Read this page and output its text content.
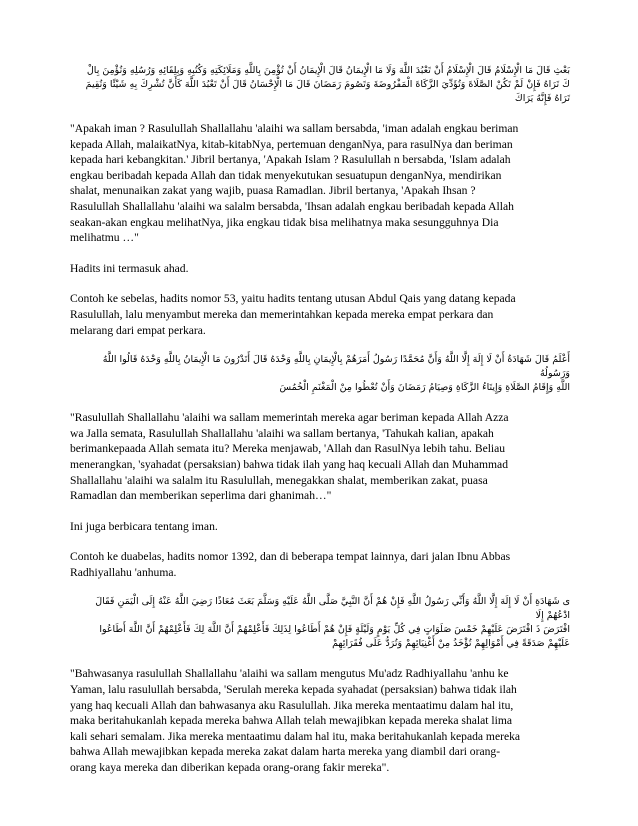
بَعْثِ قَالَ مَا الْإِسْلَامُ قَالَ الْإِسْلَامُ أَنْ تَعْبُدَ اللَّهَ وَلَا مَا الْإِيمَانُ قَالَ الْإِيمَانُ أَنْ تُؤْمِنَ بِاللَّهِ وَمَلَائِكَتِهِ وَكُتُبِهِ وَبِلِقَائِهِ وَرُسُلِهِ وَتُؤْمِنَ بِالْ

كَ تَرَاهُ فَإِنْ لَمْ تَكُنْ الصَّلَاةَ وَتُؤَدِّيَ الزَّكَاةَ الْمَفْرُوضَةَ وَتَصُومَ رَمَضَانَ قَالَ مَا الْإِحْسَانُ قَالَ أَنْ تَعْبُدَ اللَّهَ كَأَنَّ تُشْرِكَ بِهِ شَيْئًا وَتُقِيمَ

تَرَاهُ فَإِنَّهُ يَرَاكَ

"Apakah iman ? Rasulullah Shallallahu 'alaihi wa sallam bersabda, 'iman adalah engkau beriman

kepada Allah, malaikatNya, kitab-kitabNya, pertemuan denganNya, para rasulNya dan beriman

kepada hari kebangkitan.' Jibril bertanya, 'Apakah Islam ? Rasulullah n bersabda, 'Islam adalah

engkau beribadah kepada Allah dan tidak menyekutukan sesuatupun denganNya, mendirikan

shalat, menunaikan zakat yang wajib, puasa Ramadlan. Jibril bertanya, 'Apakah Ihsan ?

Rasulullah Shallallahu 'alaihi wa salalm bersabda, 'Ihsan adalah engkau beribadah kepada Allah

seakan-akan engkau melihatNya, jika engkau tidak bisa melihatnya maka sesungguhnya Dia

melihatmu …"

Hadits ini termasuk ahad.

Contoh ke sebelas, hadits nomor 53, yaitu hadits tentang utusan Abdul Qais yang datang kepada

Rasulullah, lalu menyambut mereka dan memerintahkan kepada mereka empat perkara dan

melarang dari empat perkara.

أَعْلَمُ قَالَ شَهَادَةُ أَنْ لَا إِلَهَ إِلَّا اللَّهُ وَأَنَّ مُحَمَّدًا رَسُولُ أَمَرَهُمْ بِالْإِيمَانِ بِاللَّهِ وَحْدَهُ قَالَ أَتَدْرُونَ مَا الْإِيمَانُ بِاللَّهِ وَحْدَهُ قَالُوا اللَّهُ وَرَسُولُهُ

اللَّهِ وَإِقَامُ الصَّلَاةِ وَإِيتَاءُ الزَّكَاةِ وَصِيَامُ رَمَضَانَ وَأَنْ تُعْطُوا مِنْ الْمَغْنَمِ الْخُمُسَ

"Rasulullah Shallallahu 'alaihi wa sallam memerintah mereka agar beriman kepada Allah Azza

wa Jalla semata, Rasulullah Shallallahu 'alaihi wa sallam bertanya, 'Tahukah kalian, apakah

berimankepaada Allah semata itu? Mereka menjawab, 'Allah dan RasulNya lebih tahu. Beliau

menerangkan, 'syahadat (persaksian) bahwa tidak ilah yang haq kecuali Allah dan Muhammad

Shallallahu 'alaihi wa salalm itu Rasulullah, menegakkan shalat, memberikan zakat, puasa

Ramadlan dan memberikan seperlima dari ghanimah…"

Ini juga berbicara tentang iman.

Contoh ke duabelas, hadits nomor 1392, dan di beberapa tempat lainnya, dari jalan Ibnu Abbas

Radhiyallahu 'anhuma.

ى شَهَادَةِ أَنْ لَا إِلَهَ إِلَّا اللَّهُ وَأَنِّي رَسُولُ اللَّهِ فَإِنْ هُمْ أَنَّ النَّبِيَّ صَلَّى اللَّهُ عَلَيْهِ وَسَلَّمَ بَعَثَ مُعَاذًا رَضِيَ اللَّهُ عَنْهُ إِلَى الْيَمَنِ فَقَالَ ادْعُهُمْ إِلَا

افْتَرَضَ ذَ افْتَرَضَ عَلَيْهِمْ خَمْسَ صَلَوَاتٍ فِي كُلِّ يَوْمٍ وَلَيْلَةٍ فَإِنْ هُمْ أَطَاعُوا لِذَلِكَ فَأَعْلِمْهُمْ أَنَّ اللَّهَ لِكَ فَأَعْلِمْهُمْ أَنَّ اللَّهَ أَطَاعُوا

عَلَيْهِمْ صَدَقَةً فِي أَمْوَالِهِمْ تُؤْخَذُ مِنْ أَغْنِيَائِهِمْ وَتُرَدُّ عَلَى فُقَرَائِهِمْ

"Bahwasanya rasulullah Shallallahu 'alaihi wa sallam mengutus Mu'adz Radhiyallahu 'anhu ke

Yaman, lalu rasulullah bersabda, 'Serulah mereka kepada syahadat (persaksian) bahwa tidak ilah

yang haq kecuali Allah dan bahwasanya aku Rasulullah. Jika mereka mentaatimu dalam hal itu,

maka beritahukanlah kepada mereka bahwa Allah telah mewajibkan kepada mereka shalat lima

kali sehari semalam. Jika mereka mentaatimu dalam hal itu, maka beritahukanlah kepada mereka

bahwa Allah mewajibkan kepada mereka zakat dalam harta mereka yang diambil dari orang-

orang kaya mereka dan diberikan kepada orang-orang fakir mereka".
